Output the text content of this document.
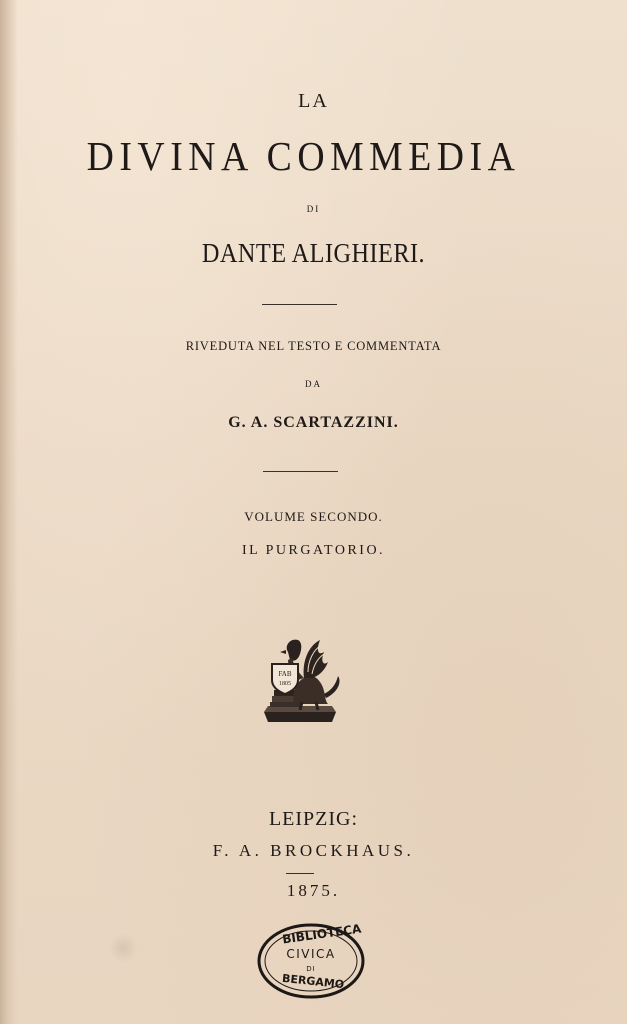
LA
DIVINA COMMEDIA
DI
DANTE ALIGHIERI.
RIVEDUTA NEL TESTO E COMMENTATA
DA
G. A. SCARTAZZINI.
VOLUME SECONDO.
IL PURGATORIO.
FAB
1805
LEIPZIG:
F. A. BROCKHAUS.
1875.
BIBLIOTECA
CIVICA
DI
BERGAMO
